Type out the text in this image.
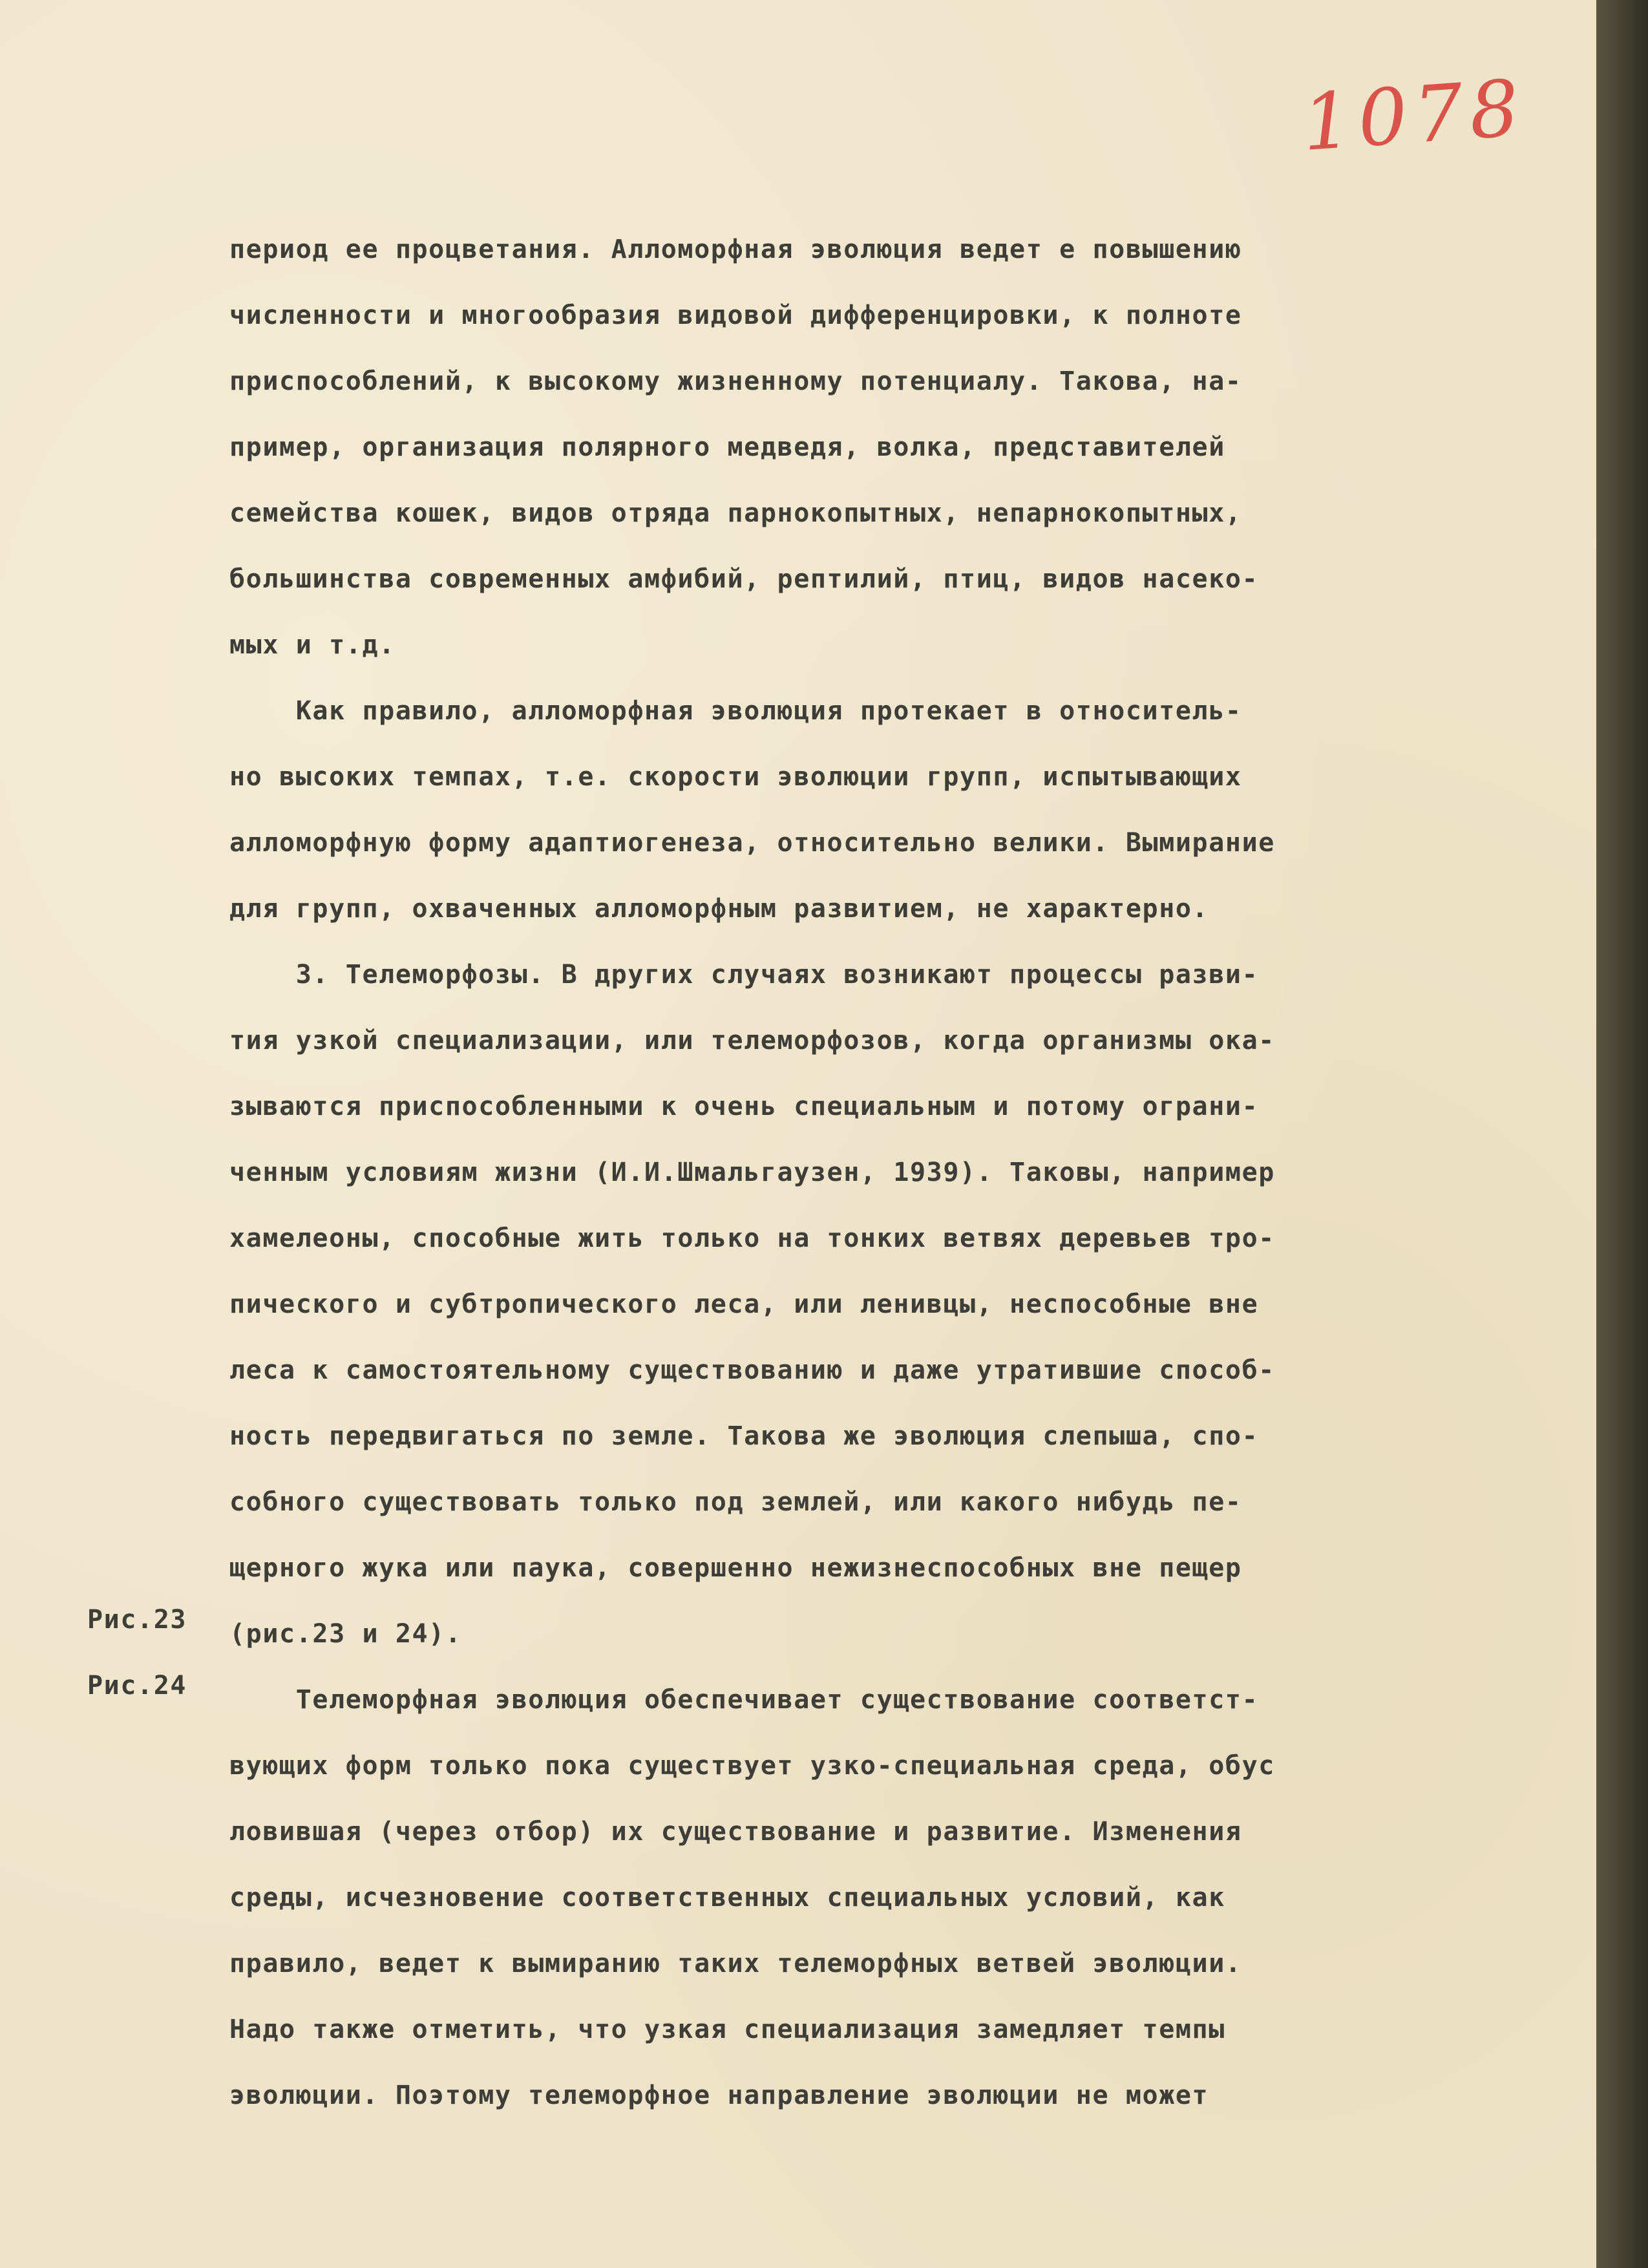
1078
Рис.23
Рис.24
период ее процветания. Алломорфная эволюция ведет е повышению
численности и многообразия видовой дифференцировки, к полноте
приспособлений, к высокому жизненному потенциалу. Такова, на-
пример, организация полярного медведя, волка, представителей
семейства кошек, видов отряда парнокопытных, непарнокопытных,
большинства современных амфибий, рептилий, птиц, видов насеко-
мых и т.д.
Как правило, алломорфная эволюция протекает в относитель-
но высоких темпах, т.е. скорости эволюции групп, испытывающих
алломорфную форму адаптиогенеза, относительно велики. Вымирание
для групп, охваченных алломорфным развитием, не характерно.
3. Телеморфозы. В других случаях возникают процессы разви-
тия узкой специализации, или телеморфозов, когда организмы ока-
зываются приспособленными к очень специальным и потому ограни-
ченным условиям жизни (И.И.Шмальгаузен, 1939). Таковы, например
хамелеоны, способные жить только на тонких ветвях деревьев тро-
пического и субтропического леса, или ленивцы, неспособные вне
леса к самостоятельному существованию и даже утратившие способ-
ность передвигаться по земле. Такова же эволюция слепыша, спо-
собного существовать только под землей, или какого нибудь пе-
щерного жука или паука, совершенно нежизнеспособных вне пещер
(рис.23 и 24).
Телеморфная эволюция обеспечивает существование соответст-
вующих форм только пока существует узко-специальная среда, обус
ловившая (через отбор) их существование и развитие. Изменения
среды, исчезновение соответственных специальных условий, как
правило, ведет к вымиранию таких телеморфных ветвей эволюции.
Надо также отметить, что узкая специализация замедляет темпы
эволюции. Поэтому телеморфное направление эволюции не может
